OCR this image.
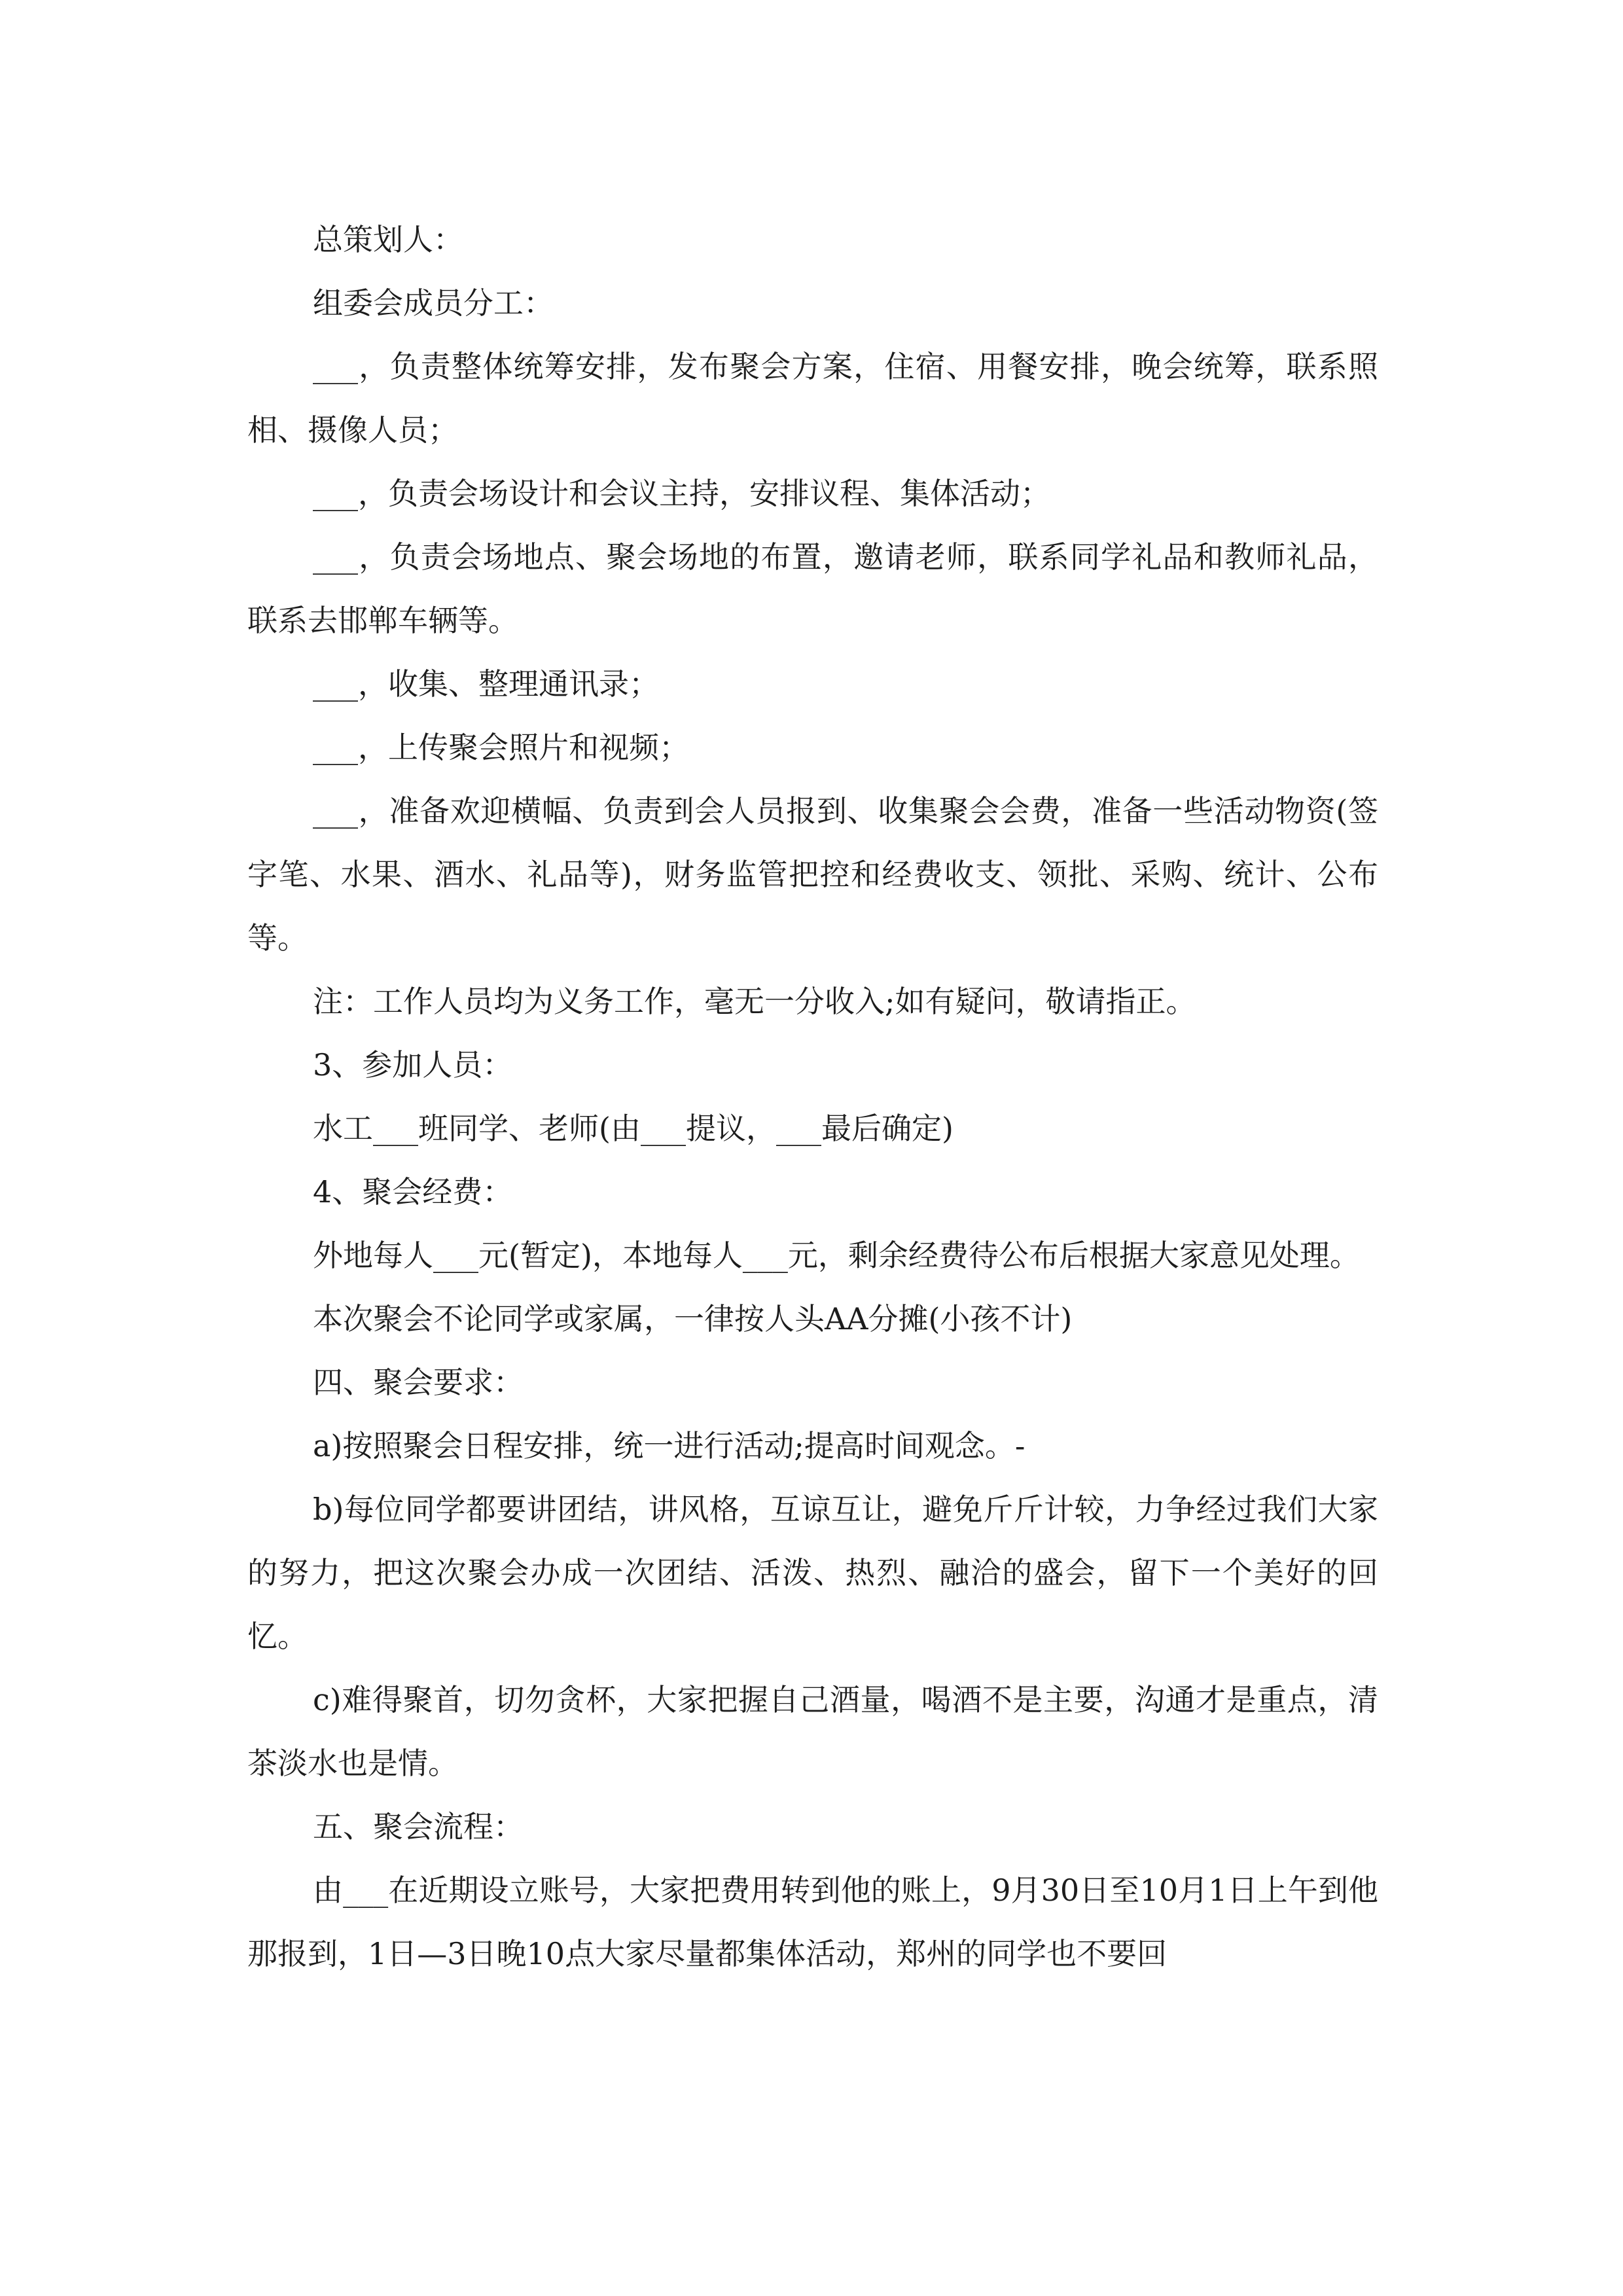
总策划人：

组委会成员分工：

___，负责整体统筹安排，发布聚会方案，住宿、用餐安排，晚会统筹，联系照相、摄像人员；

___，负责会场设计和会议主持，安排议程、集体活动；

___，负责会场地点、聚会场地的布置，邀请老师，联系同学礼品和教师礼品，联系去邯郸车辆等。

___，收集、整理通讯录；

___，上传聚会照片和视频；

___，准备欢迎横幅、负责到会人员报到、收集聚会会费，准备一些活动物资(签字笔、水果、酒水、礼品等)，财务监管把控和经费收支、领批、采购、统计、公布等。

注：工作人员均为义务工作，毫无一分收入;如有疑问，敬请指正。

3、参加人员：

水工___班同学、老师(由___提议，___最后确定)

4、聚会经费：

外地每人___元(暂定)，本地每人___元，剩余经费待公布后根据大家意见处理。

本次聚会不论同学或家属，一律按人头AA分摊(小孩不计)

四、聚会要求：

a)按照聚会日程安排，统一进行活动;提高时间观念。-

b)每位同学都要讲团结，讲风格，互谅互让，避免斤斤计较，力争经过我们大家的努力，把这次聚会办成一次团结、活泼、热烈、融洽的盛会，留下一个美好的回忆。

c)难得聚首，切勿贪杯，大家把握自己酒量，喝酒不是主要，沟通才是重点，清茶淡水也是情。

五、聚会流程：

由___在近期设立账号，大家把费用转到他的账上，9月30日至10月1日上午到他那报到，1日—3日晚10点大家尽量都集体活动，郑州的同学也不要回
